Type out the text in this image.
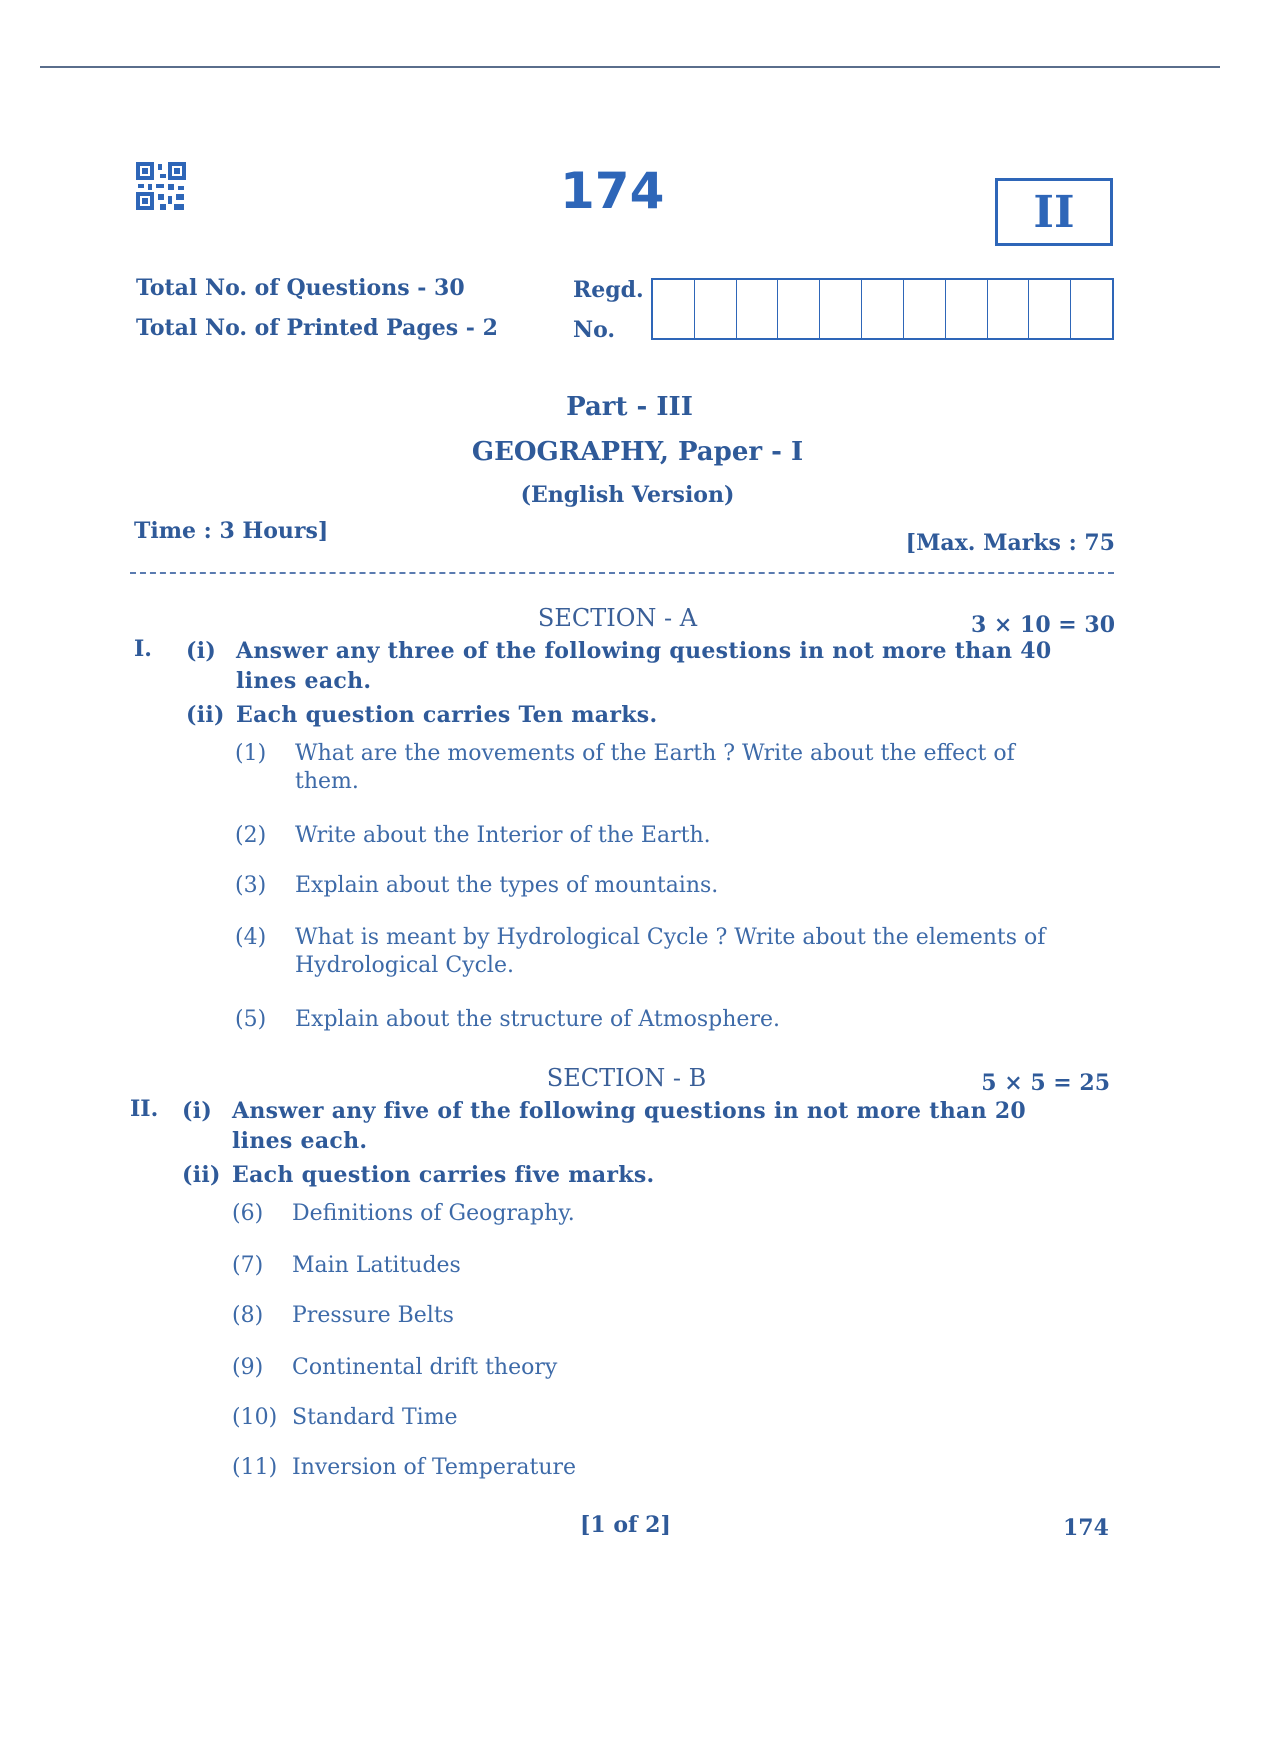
174	II
Total No. of Questions - 30
Total No. of Printed Pages - 2
Regd.
No.
Part - III
GEOGRAPHY, Paper - I
(English Version)
Time : 3 Hours]	[Max. Marks : 75
SECTION - A	3 × 10 = 30
I. (i) Answer any three of the following questions in not more than 40 lines each.
(ii) Each question carries Ten marks.
(1) What are the movements of the Earth ? Write about the effect of them.
(2) Write about the Interior of the Earth.
(3) Explain about the types of mountains.
(4) What is meant by Hydrological Cycle ? Write about the elements of Hydrological Cycle.
(5) Explain about the structure of Atmosphere.
SECTION - B	5 × 5 = 25
II. (i) Answer any five of the following questions in not more than 20 lines each.
(ii) Each question carries five marks.
(6) Definitions of Geography.
(7) Main Latitudes
(8) Pressure Belts
(9) Continental drift theory
(10) Standard Time
(11) Inversion of Temperature
[1 of 2]	174
